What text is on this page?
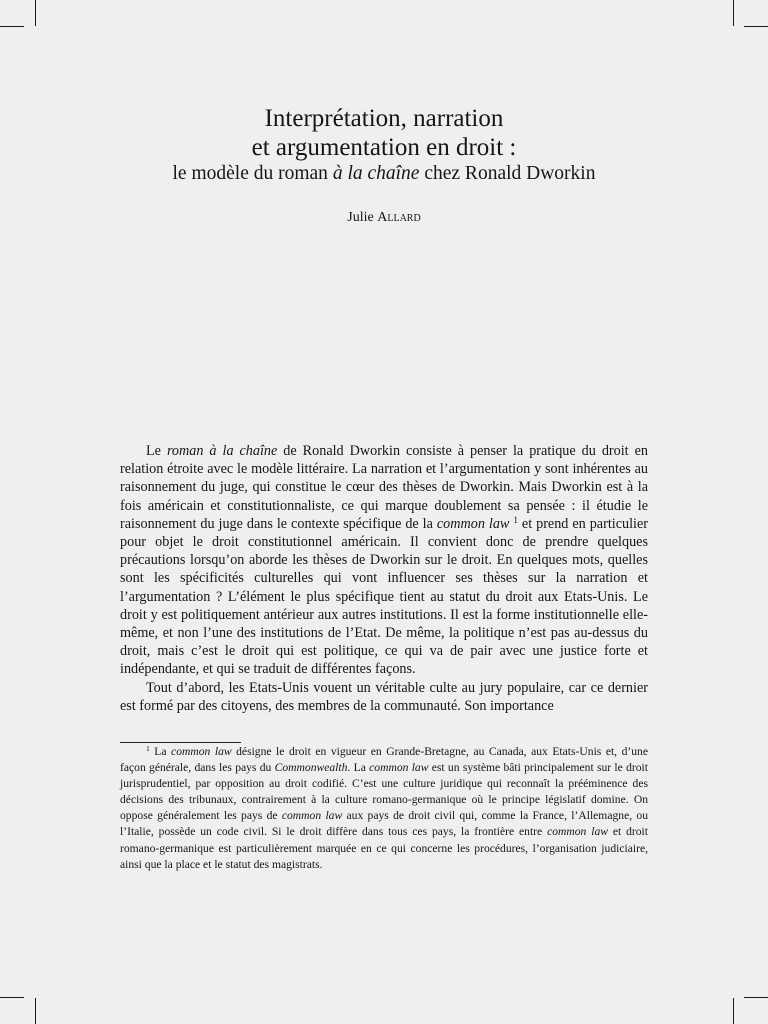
Interprétation, narration
et argumentation en droit :
le modèle du roman à la chaîne chez Ronald Dworkin
Julie Allard

Le roman à la chaîne de Ronald Dworkin consiste à penser la pratique du droit en relation étroite avec le modèle littéraire. La narration et l’argumentation y sont inhérentes au raisonnement du juge, qui constitue le cœur des thèses de Dworkin. Mais Dworkin est à la fois américain et constitutionnaliste, ce qui marque doublement sa pensée : il étudie le raisonnement du juge dans le contexte spécifique de la common law $^1$ et prend en particulier pour objet le droit constitutionnel américain. Il convient donc de prendre quelques précautions lorsqu’on aborde les thèses de Dworkin sur le droit. En quelques mots, quelles sont les spécificités culturelles qui vont influencer ses thèses sur la narration et l’argumentation ? L’élément le plus spécifique tient au statut du droit aux Etats-Unis. Le droit y est politiquement antérieur aux autres institutions. Il est la forme institutionnelle elle-même, et non l’une des institutions de l’Etat. De même, la politique n’est pas au-dessus du droit, mais c’est le droit qui est politique, ce qui va de pair avec une justice forte et indépendante, et qui se traduit de différentes façons.

Tout d’abord, les Etats-Unis vouent un véritable culte au jury populaire, car ce dernier est formé par des citoyens, des membres de la communauté. Son importance

$^1$ La common law désigne le droit en vigueur en Grande-Bretagne, au Canada, aux Etats-Unis et, d’une façon générale, dans les pays du Commonwealth. La common law est un système bâti principalement sur le droit jurisprudentiel, par opposition au droit codifié. C’est une culture juridique qui reconnaît la prééminence des décisions des tribunaux, contrairement à la culture romano-germanique où le principe législatif domine. On oppose généralement les pays de common law aux pays de droit civil qui, comme la France, l’Allemagne, ou l’Italie, possède un code civil. Si le droit diffère dans tous ces pays, la frontière entre common law et droit romano-germanique est particulièrement marquée en ce qui concerne les procédures, l’organisation judiciaire, ainsi que la place et le statut des magistrats.
